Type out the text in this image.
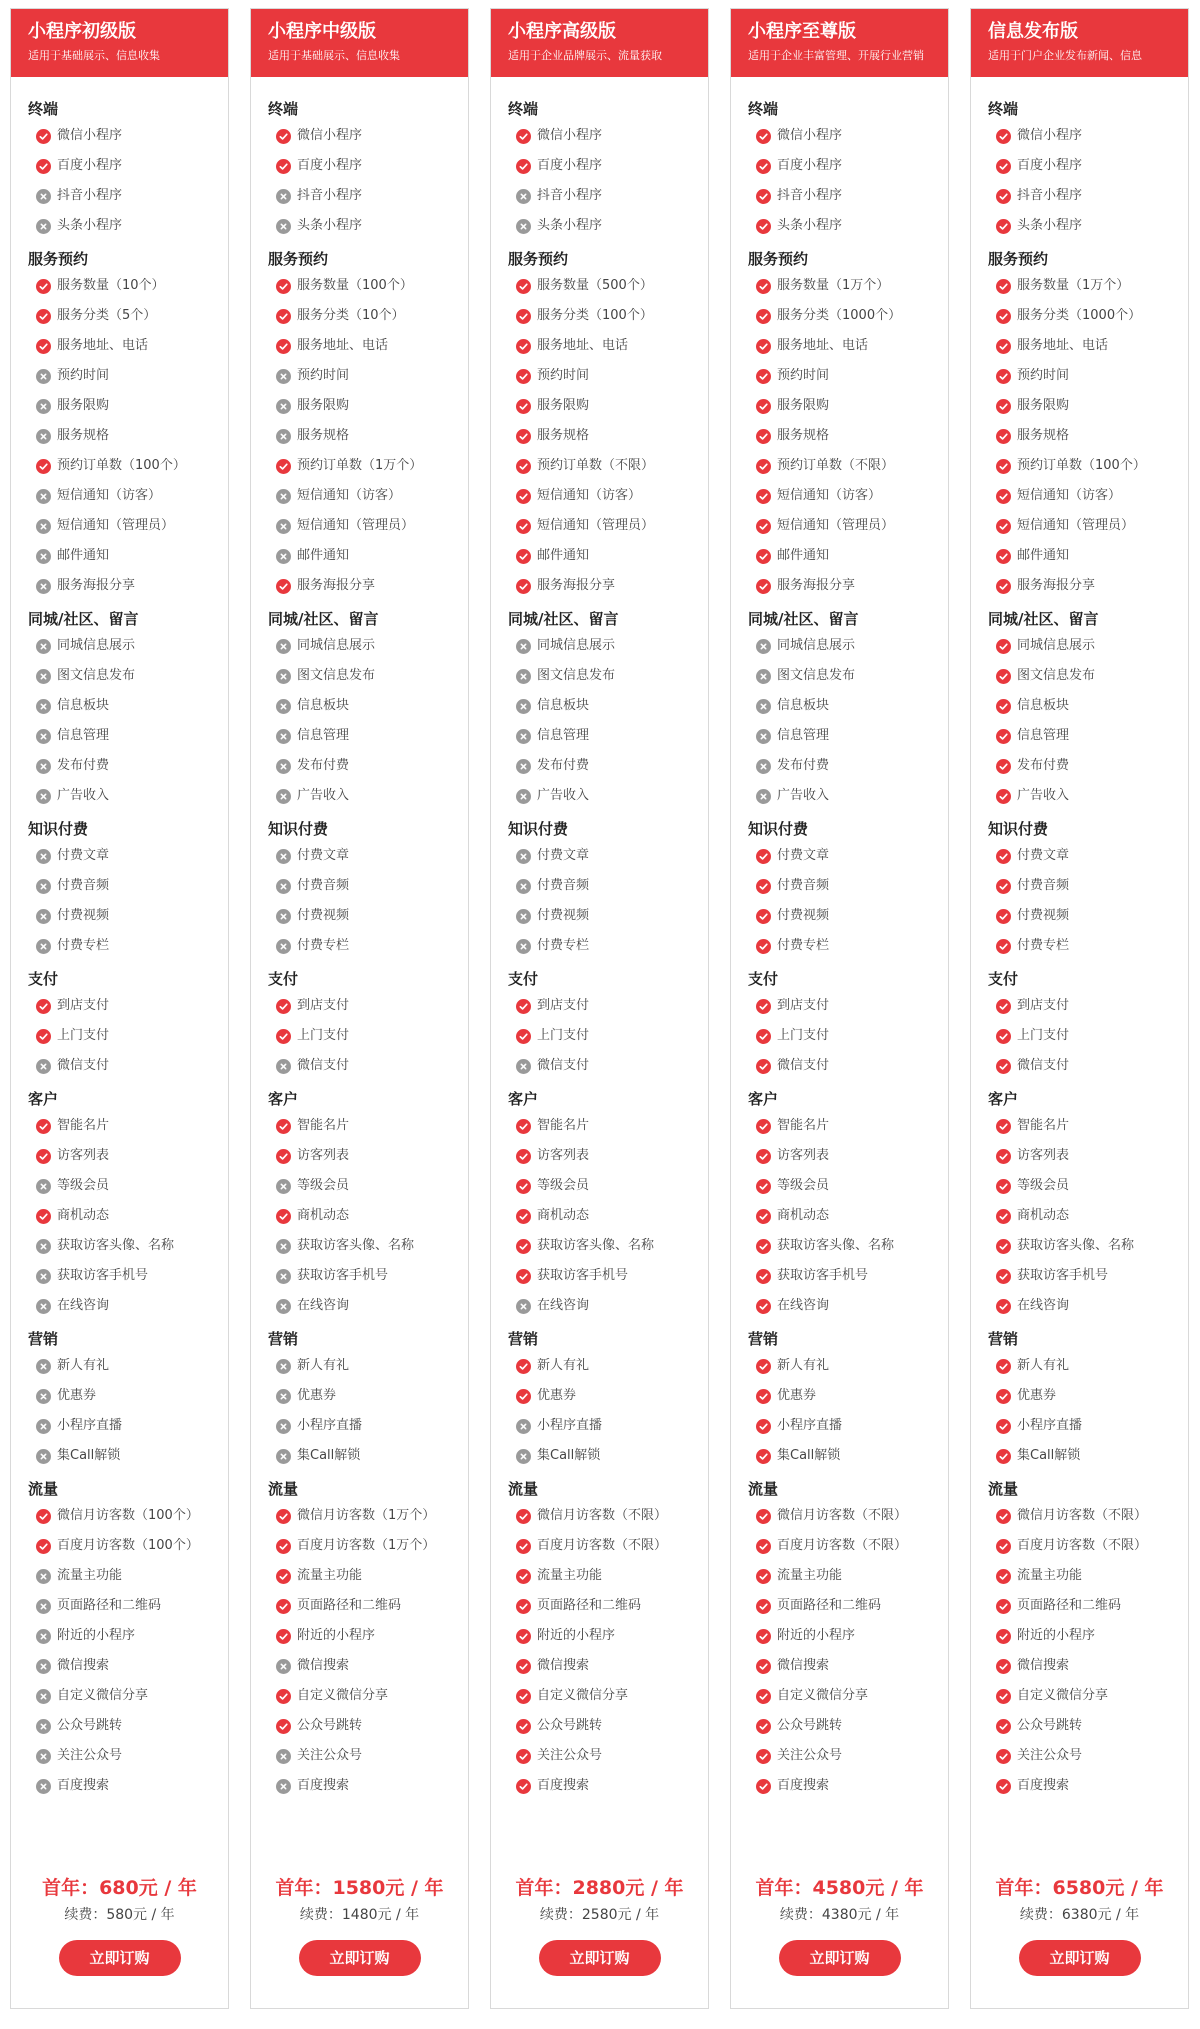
小程序初级版
适用于基础展示、信息收集
终端
微信小程序
百度小程序
抖音小程序
头条小程序
服务预约
服务数量（10个）
服务分类（5个）
服务地址、电话
预约时间
服务限购
服务规格
预约订单数（100个）
短信通知（访客）
短信通知（管理员）
邮件通知
服务海报分享
同城/社区、留言
同城信息展示
图文信息发布
信息板块
信息管理
发布付费
广告收入
知识付费
付费文章
付费音频
付费视频
付费专栏
支付
到店支付
上门支付
微信支付
客户
智能名片
访客列表
等级会员
商机动态
获取访客头像、名称
获取访客手机号
在线咨询
营销
新人有礼
优惠券
小程序直播
集Call解锁
流量
微信月访客数（100个）
百度月访客数（100个）
流量主功能
页面路径和二维码
附近的小程序
微信搜索
自定义微信分享
公众号跳转
关注公众号
百度搜索
首年：680元 / 年
续费：580元 / 年
立即订购
小程序中级版
适用于基础展示、信息收集
终端
微信小程序
百度小程序
抖音小程序
头条小程序
服务预约
服务数量（100个）
服务分类（10个）
服务地址、电话
预约时间
服务限购
服务规格
预约订单数（1万个）
短信通知（访客）
短信通知（管理员）
邮件通知
服务海报分享
同城/社区、留言
同城信息展示
图文信息发布
信息板块
信息管理
发布付费
广告收入
知识付费
付费文章
付费音频
付费视频
付费专栏
支付
到店支付
上门支付
微信支付
客户
智能名片
访客列表
等级会员
商机动态
获取访客头像、名称
获取访客手机号
在线咨询
营销
新人有礼
优惠券
小程序直播
集Call解锁
流量
微信月访客数（1万个）
百度月访客数（1万个）
流量主功能
页面路径和二维码
附近的小程序
微信搜索
自定义微信分享
公众号跳转
关注公众号
百度搜索
首年：1580元 / 年
续费：1480元 / 年
立即订购
小程序高级版
适用于企业品牌展示、流量获取
终端
微信小程序
百度小程序
抖音小程序
头条小程序
服务预约
服务数量（500个）
服务分类（100个）
服务地址、电话
预约时间
服务限购
服务规格
预约订单数（不限）
短信通知（访客）
短信通知（管理员）
邮件通知
服务海报分享
同城/社区、留言
同城信息展示
图文信息发布
信息板块
信息管理
发布付费
广告收入
知识付费
付费文章
付费音频
付费视频
付费专栏
支付
到店支付
上门支付
微信支付
客户
智能名片
访客列表
等级会员
商机动态
获取访客头像、名称
获取访客手机号
在线咨询
营销
新人有礼
优惠券
小程序直播
集Call解锁
流量
微信月访客数（不限）
百度月访客数（不限）
流量主功能
页面路径和二维码
附近的小程序
微信搜索
自定义微信分享
公众号跳转
关注公众号
百度搜索
首年：2880元 / 年
续费：2580元 / 年
立即订购
小程序至尊版
适用于企业丰富管理、开展行业营销
终端
微信小程序
百度小程序
抖音小程序
头条小程序
服务预约
服务数量（1万个）
服务分类（1000个）
服务地址、电话
预约时间
服务限购
服务规格
预约订单数（不限）
短信通知（访客）
短信通知（管理员）
邮件通知
服务海报分享
同城/社区、留言
同城信息展示
图文信息发布
信息板块
信息管理
发布付费
广告收入
知识付费
付费文章
付费音频
付费视频
付费专栏
支付
到店支付
上门支付
微信支付
客户
智能名片
访客列表
等级会员
商机动态
获取访客头像、名称
获取访客手机号
在线咨询
营销
新人有礼
优惠券
小程序直播
集Call解锁
流量
微信月访客数（不限）
百度月访客数（不限）
流量主功能
页面路径和二维码
附近的小程序
微信搜索
自定义微信分享
公众号跳转
关注公众号
百度搜索
首年：4580元 / 年
续费：4380元 / 年
立即订购
信息发布版
适用于门户企业发布新闻、信息
终端
微信小程序
百度小程序
抖音小程序
头条小程序
服务预约
服务数量（1万个）
服务分类（1000个）
服务地址、电话
预约时间
服务限购
服务规格
预约订单数（100个）
短信通知（访客）
短信通知（管理员）
邮件通知
服务海报分享
同城/社区、留言
同城信息展示
图文信息发布
信息板块
信息管理
发布付费
广告收入
知识付费
付费文章
付费音频
付费视频
付费专栏
支付
到店支付
上门支付
微信支付
客户
智能名片
访客列表
等级会员
商机动态
获取访客头像、名称
获取访客手机号
在线咨询
营销
新人有礼
优惠券
小程序直播
集Call解锁
流量
微信月访客数（不限）
百度月访客数（不限）
流量主功能
页面路径和二维码
附近的小程序
微信搜索
自定义微信分享
公众号跳转
关注公众号
百度搜索
首年：6580元 / 年
续费：6380元 / 年
立即订购
